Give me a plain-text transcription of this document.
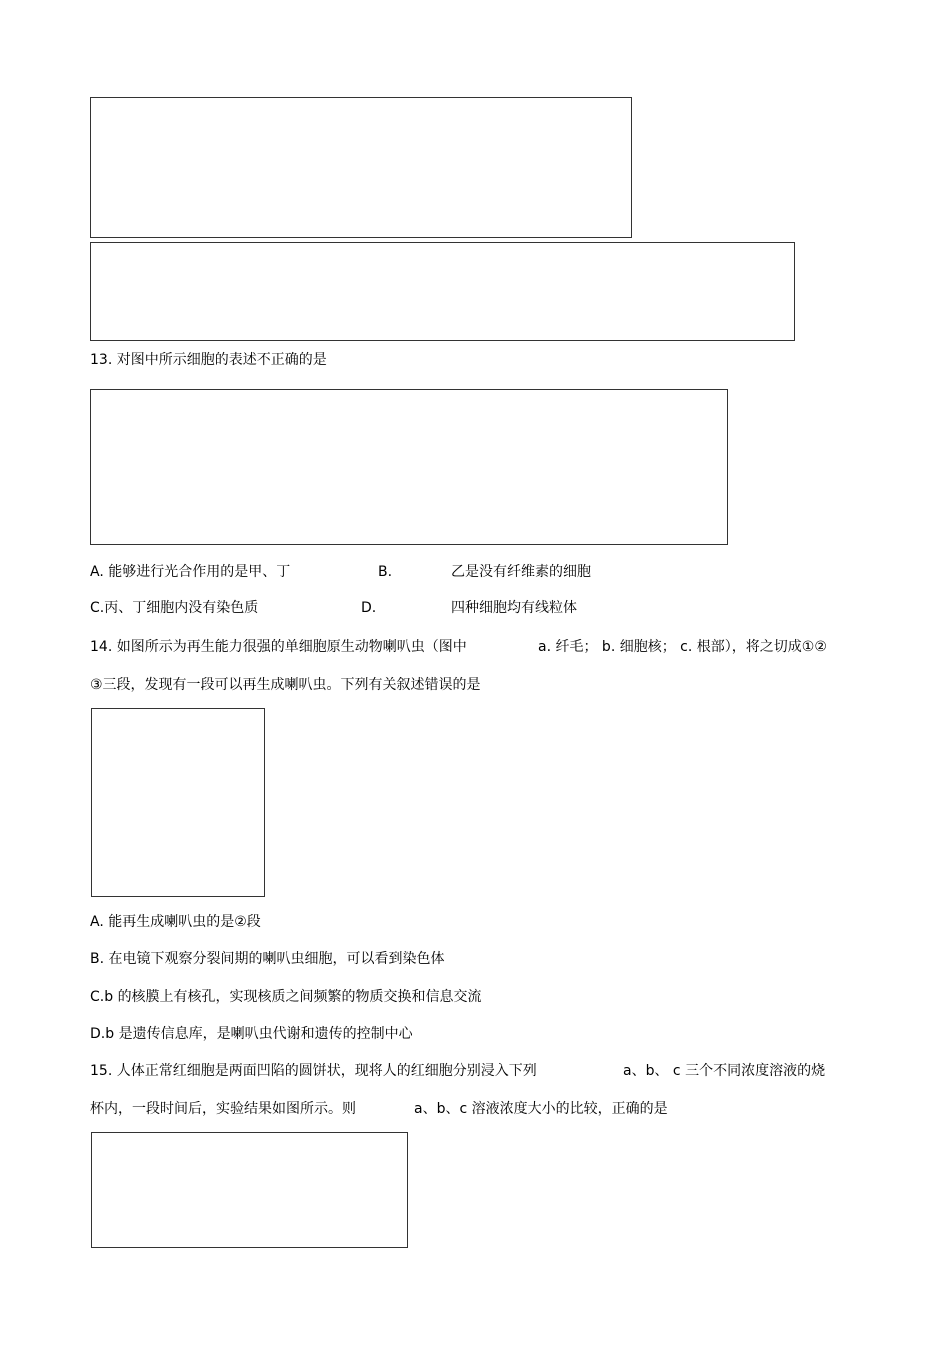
13. 对图中所示细胞的表述不正确的是
A. 能够进行光合作用的是甲、丁	B.	乙是没有纤维素的细胞
C.丙、丁细胞内没有染色质	D.	四种细胞均有线粒体
14. 如图所示为再生能力很强的单细胞原生动物喇叭虫（图中	a. 纤毛； b. 细胞核； c. 根部），将之切成①②
③三段，发现有一段可以再生成喇叭虫。下列有关叙述错误的是
A. 能再生成喇叭虫的是②段
B. 在电镜下观察分裂间期的喇叭虫细胞，可以看到染色体
C.b 的核膜上有核孔，实现核质之间频繁的物质交换和信息交流
D.b 是遗传信息库，是喇叭虫代谢和遗传的控制中心
15. 人体正常红细胞是两面凹陷的圆饼状，现将人的红细胞分别浸入下列	a、b、 c 三个不同浓度溶液的烧
杯内，一段时间后，实验结果如图所示。则	a、b、c 溶液浓度大小的比较，正确的是
